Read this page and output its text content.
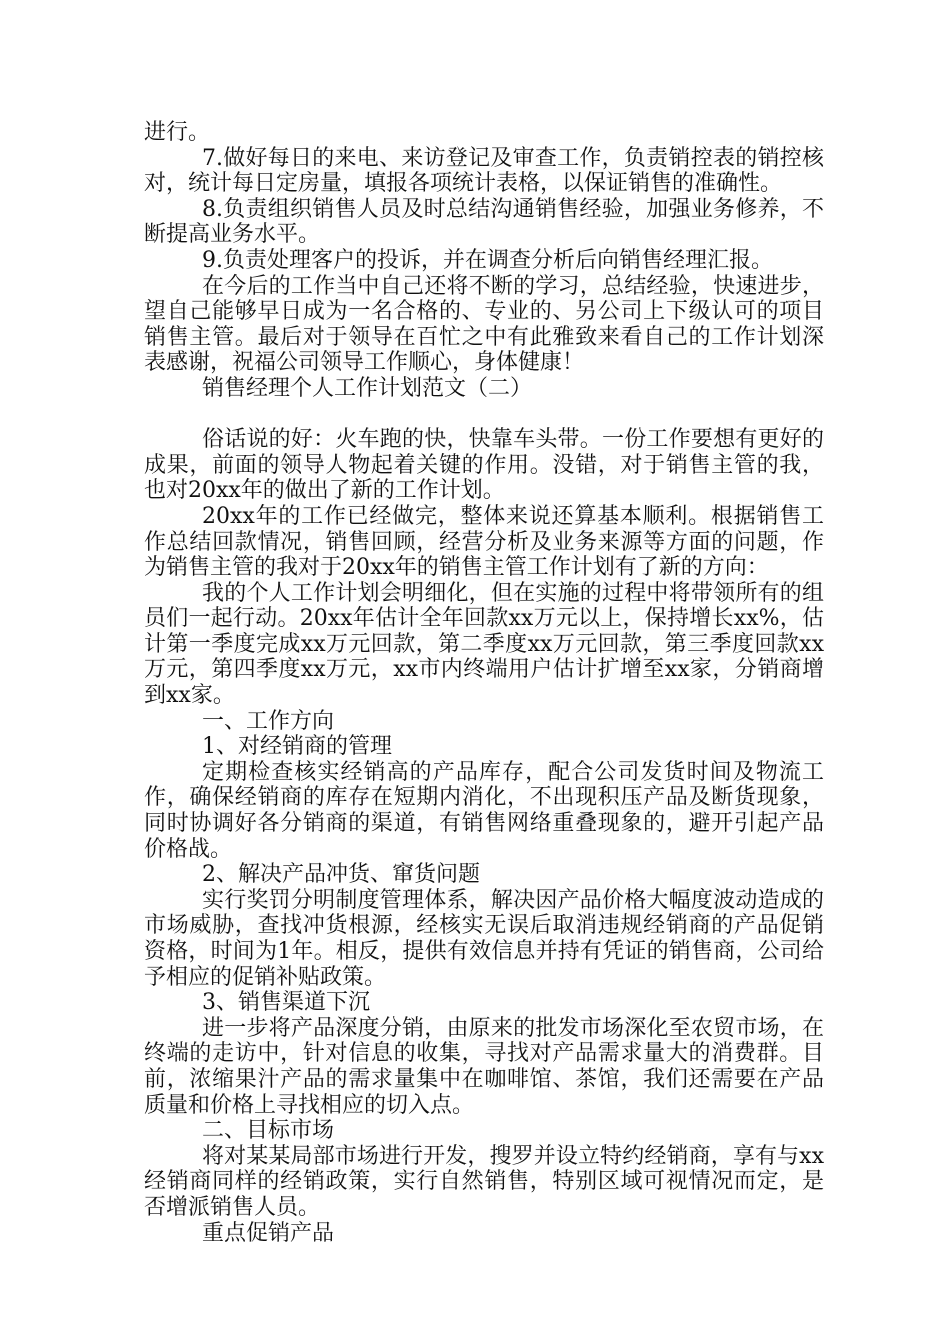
进行。

7.做好每日的来电、来访登记及审查工作，负责销控表的销控核对，统计每日定房量，填报各项统计表格，以保证销售的准确性。

8.负责组织销售人员及时总结沟通销售经验，加强业务修养，不断提高业务水平。

9.负责处理客户的投诉，并在调查分析后向销售经理汇报。

在今后的工作当中自己还将不断的学习，总结经验，快速进步，望自己能够早日成为一名合格的、专业的、另公司上下级认可的项目销售主管。最后对于领导在百忙之中有此雅致来看自己的工作计划深表感谢，祝福公司领导工作顺心，身体健康！

销售经理个人工作计划范文（二）

俗话说的好：火车跑的快，快靠车头带。一份工作要想有更好的成果，前面的领导人物起着关键的作用。没错，对于销售主管的我，也对20xx年的做出了新的工作计划。

20xx年的工作已经做完，整体来说还算基本顺利。根据销售工作总结回款情况，销售回顾，经营分析及业务来源等方面的问题，作为销售主管的我对于20xx年的销售主管工作计划有了新的方向：

我的个人工作计划会明细化，但在实施的过程中将带领所有的组员们一起行动。20xx年估计全年回款xx万元以上，保持增长xx%，估计第一季度完成xx万元回款，第二季度xx万元回款，第三季度回款xx万元，第四季度xx万元，xx市内终端用户估计扩增至xx家，分销商增到xx家。

一、工作方向

1、对经销商的管理

定期检查核实经销高的产品库存，配合公司发货时间及物流工作，确保经销商的库存在短期内消化，不出现积压产品及断货现象，同时协调好各分销商的渠道，有销售网络重叠现象的，避开引起产品价格战。

2、解决产品冲货、窜货问题

实行奖罚分明制度管理体系，解决因产品价格大幅度波动造成的市场威胁，查找冲货根源，经核实无误后取消违规经销商的产品促销资格，时间为1年。相反，提供有效信息并持有凭证的销售商，公司给予相应的促销补贴政策。

3、销售渠道下沉

进一步将产品深度分销，由原来的批发市场深化至农贸市场，在终端的走访中，针对信息的收集，寻找对产品需求量大的消费群。目前，浓缩果汁产品的需求量集中在咖啡馆、茶馆，我们还需要在产品质量和价格上寻找相应的切入点。

二、目标市场

将对某某局部市场进行开发，搜罗并设立特约经销商，享有与xx经销商同样的经销政策，实行自然销售，特别区域可视情况而定，是否增派销售人员。

重点促销产品
